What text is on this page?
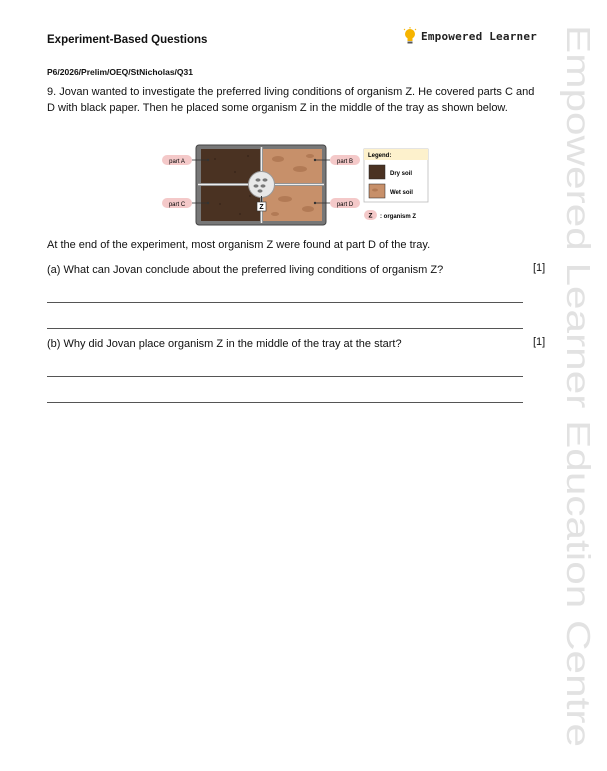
Experiment-Based Questions	Empowered Learner
P6/2026/Prelim/OEQ/StNicholas/Q31
9. Jovan wanted to investigate the preferred living conditions of organism Z. He covered parts C and D with black paper. Then he placed some organism Z in the middle of the tray as shown below.
Z
part A	part B
part C	part D
Legend:
Dry soil
Wet soil
Z : organism Z
At the end of the experiment, most organism Z were found at part D of the tray.
(a) What can Jovan conclude about the preferred living conditions of organism Z?	[1]
(b) Why did Jovan place organism Z in the middle of the tray at the start?	[1] Empowered Learner Education Centre
